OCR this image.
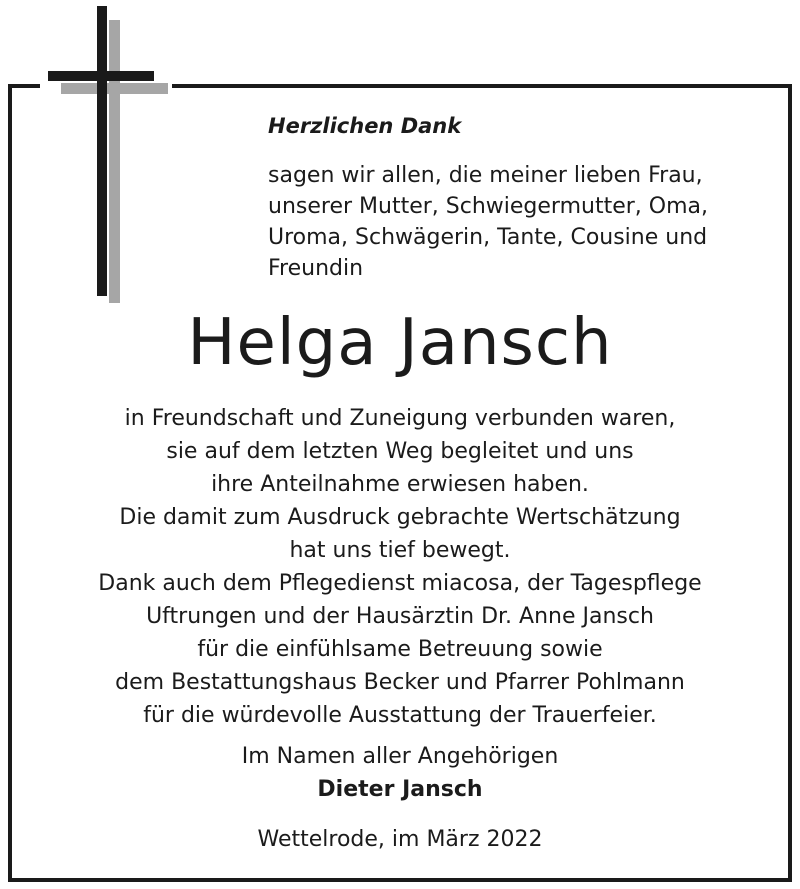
Herzlichen Dank

sagen wir allen, die meiner lieben Frau,
unserer Mutter, Schwiegermutter, Oma,
Uroma, Schwägerin, Tante, Cousine und
Freundin

Helga Jansch

in Freundschaft und Zuneigung verbunden waren,
sie auf dem letzten Weg begleitet und uns
ihre Anteilnahme erwiesen haben.
Die damit zum Ausdruck gebrachte Wertschätzung
hat uns tief bewegt.

Dank auch dem Pflegedienst miacosa, der Tagespflege
Uftrungen und der Hausärztin Dr. Anne Jansch
für die einfühlsame Betreuung sowie
dem Bestattungshaus Becker und Pfarrer Pohlmann
für die würdevolle Ausstattung der Trauerfeier.

Im Namen aller Angehörigen
Dieter Jansch

Wettelrode, im März 2022
